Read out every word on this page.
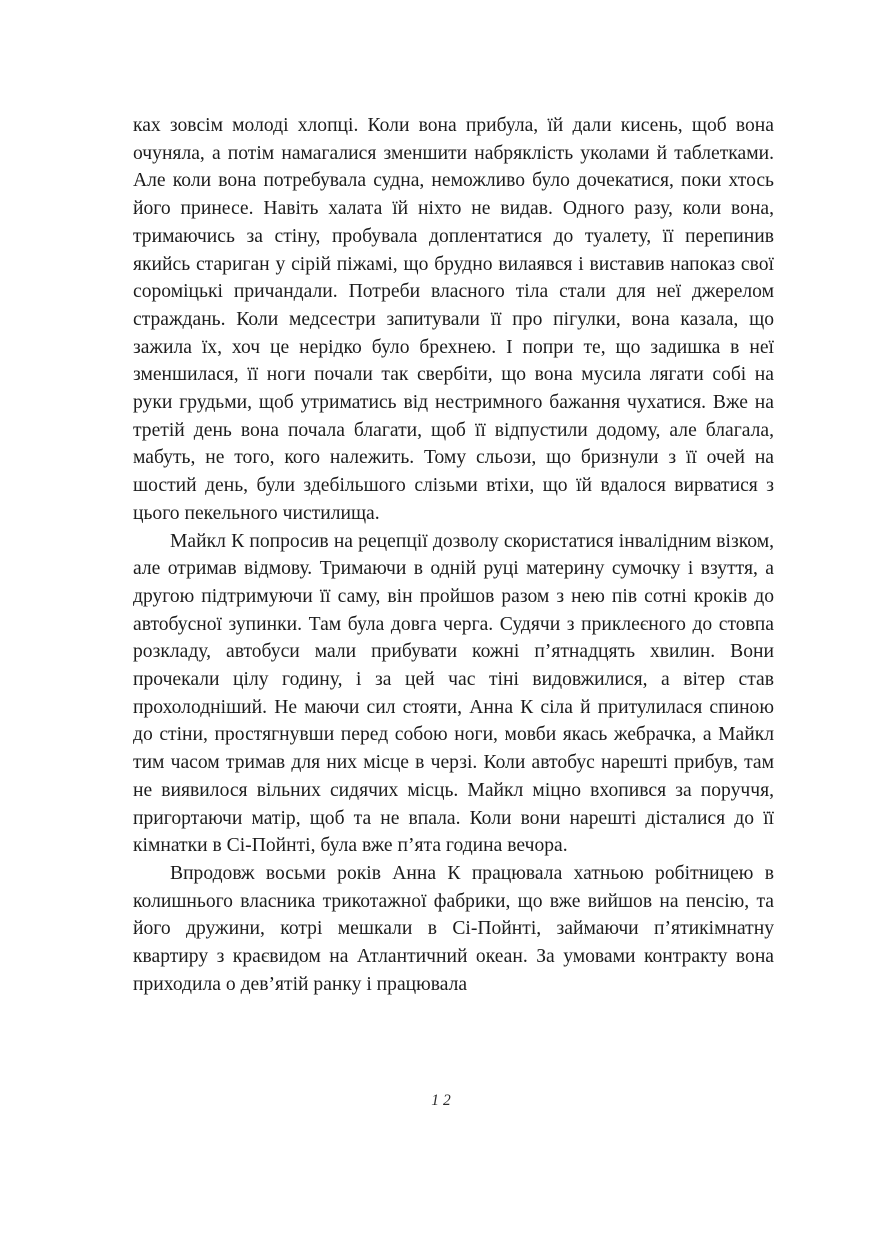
ках зовсім молоді хлопці. Коли вона прибула, їй дали кисень, щоб вона очуняла, а потім намагалися зменшити набряклість уколами й таблетками. Але коли вона потребувала судна, неможливо було дочекатися, поки хтось його принесе. Навіть халата їй ніхто не видав. Одного разу, коли вона, тримаючись за стіну, пробувала доплентатися до туалету, її перепинив якийсь стариган у сірій піжамі, що брудно вилаявся і виставив напоказ свої сороміцькі причандали. Потреби власного тіла стали для неї джерелом страждань. Коли медсестри запитували її про пігулки, вона казала, що зажила їх, хоч це нерідко було брехнею. І попри те, що задишка в неї зменшилася, її ноги почали так свербіти, що вона мусила лягати собі на руки грудьми, щоб утриматись від нестримного бажання чухатися. Вже на третій день вона почала благати, щоб її відпустили додому, але благала, мабуть, не того, кого належить. Тому сльози, що бризнули з її очей на шостий день, були здебільшого слізьми втіхи, що їй вдалося вирватися з цього пекельного чистилища.

Майкл К попросив на рецепції дозволу скористатися інвалідним візком, але отримав відмову. Тримаючи в одній руці материну сумочку і взуття, а другою підтримуючи її саму, він пройшов разом з нею пів сотні кроків до автобусної зупинки. Там була довга черга. Судячи з приклеєного до стовпа розкладу, автобуси мали прибувати кожні п’ятнадцять хвилин. Вони прочекали цілу годину, і за цей час тіні видовжилися, а вітер став прохолодніший. Не маючи сил стояти, Анна К сіла й притулилася спиною до стіни, простягнувши перед собою ноги, мовби якась жебрачка, а Майкл тим часом тримав для них місце в черзі. Коли автобус нарешті прибув, там не виявилося вільних сидячих місць. Майкл міцно вхопився за поруччя, пригортаючи матір, щоб та не впала. Коли вони нарешті дісталися до її кімнатки в Сі-Пойнті, була вже п’ята година вечора.

Впродовж восьми років Анна К працювала хатньою робітницею в колишнього власника трикотажної фабрики, що вже вийшов на пенсію, та його дружини, котрі мешкали в Сі-Пойнті, займаючи п’ятикімнатну квартиру з краєвидом на Атлантичний океан. За умовами контракту вона приходила о дев’ятій ранку і працювала

12
